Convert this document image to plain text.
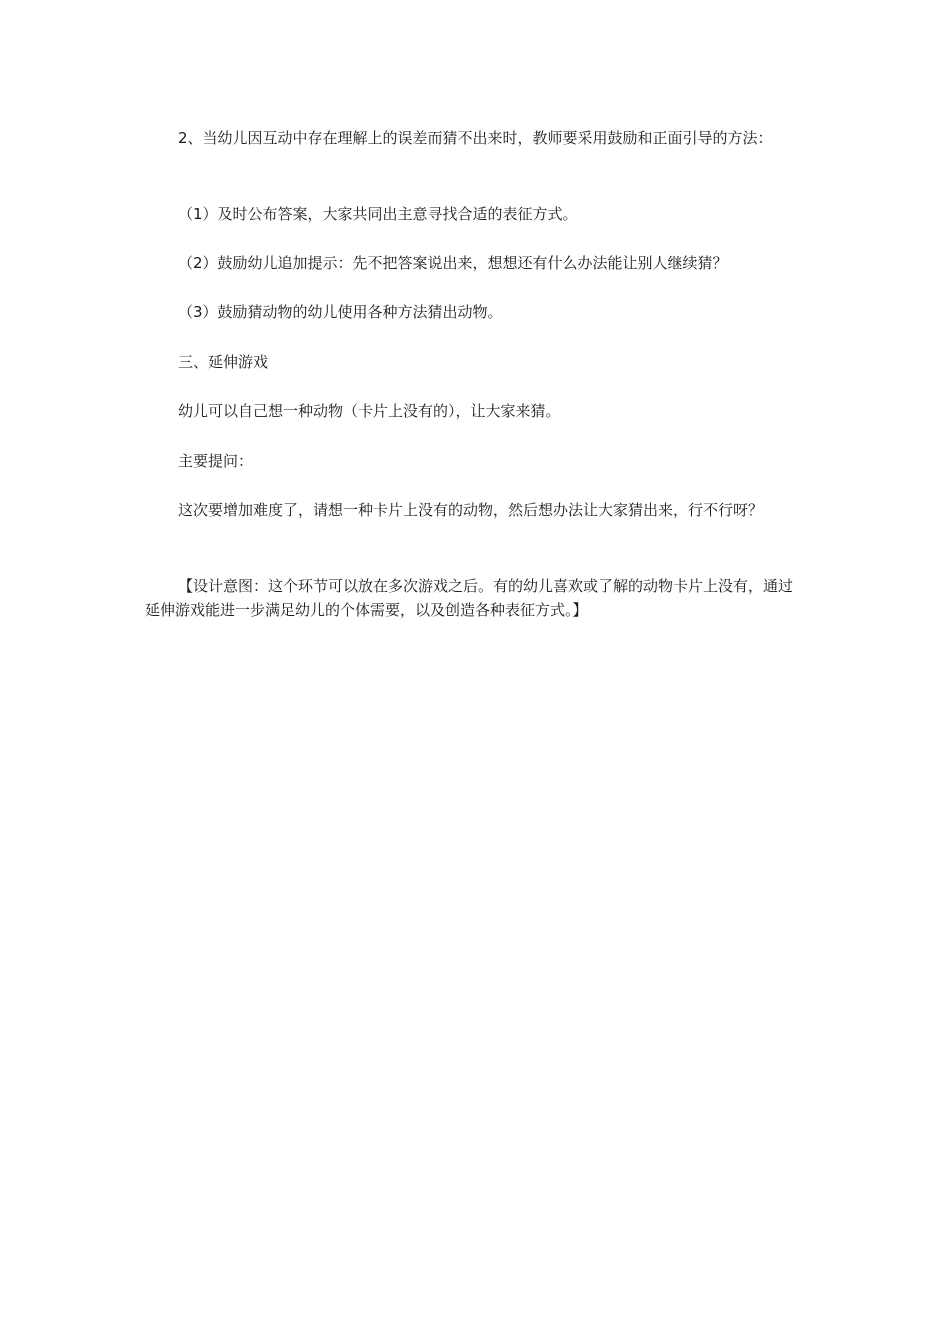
2、当幼儿因互动中存在理解上的误差而猜不出来时，教师要采用鼓励和正面引导的方法：

（1）及时公布答案，大家共同出主意寻找合适的表征方式。

（2）鼓励幼儿追加提示：先不把答案说出来，想想还有什么办法能让别人继续猜？

（3）鼓励猜动物的幼儿使用各种方法猜出动物。

三、延伸游戏

幼儿可以自己想一种动物（卡片上没有的），让大家来猜。

主要提问：

这次要增加难度了，请想一种卡片上没有的动物，然后想办法让大家猜出来，行不行呀？

【设计意图：这个环节可以放在多次游戏之后。有的幼儿喜欢或了解的动物卡片上没有，通过延伸游戏能进一步满足幼儿的个体需要，以及创造各种表征方式。】
